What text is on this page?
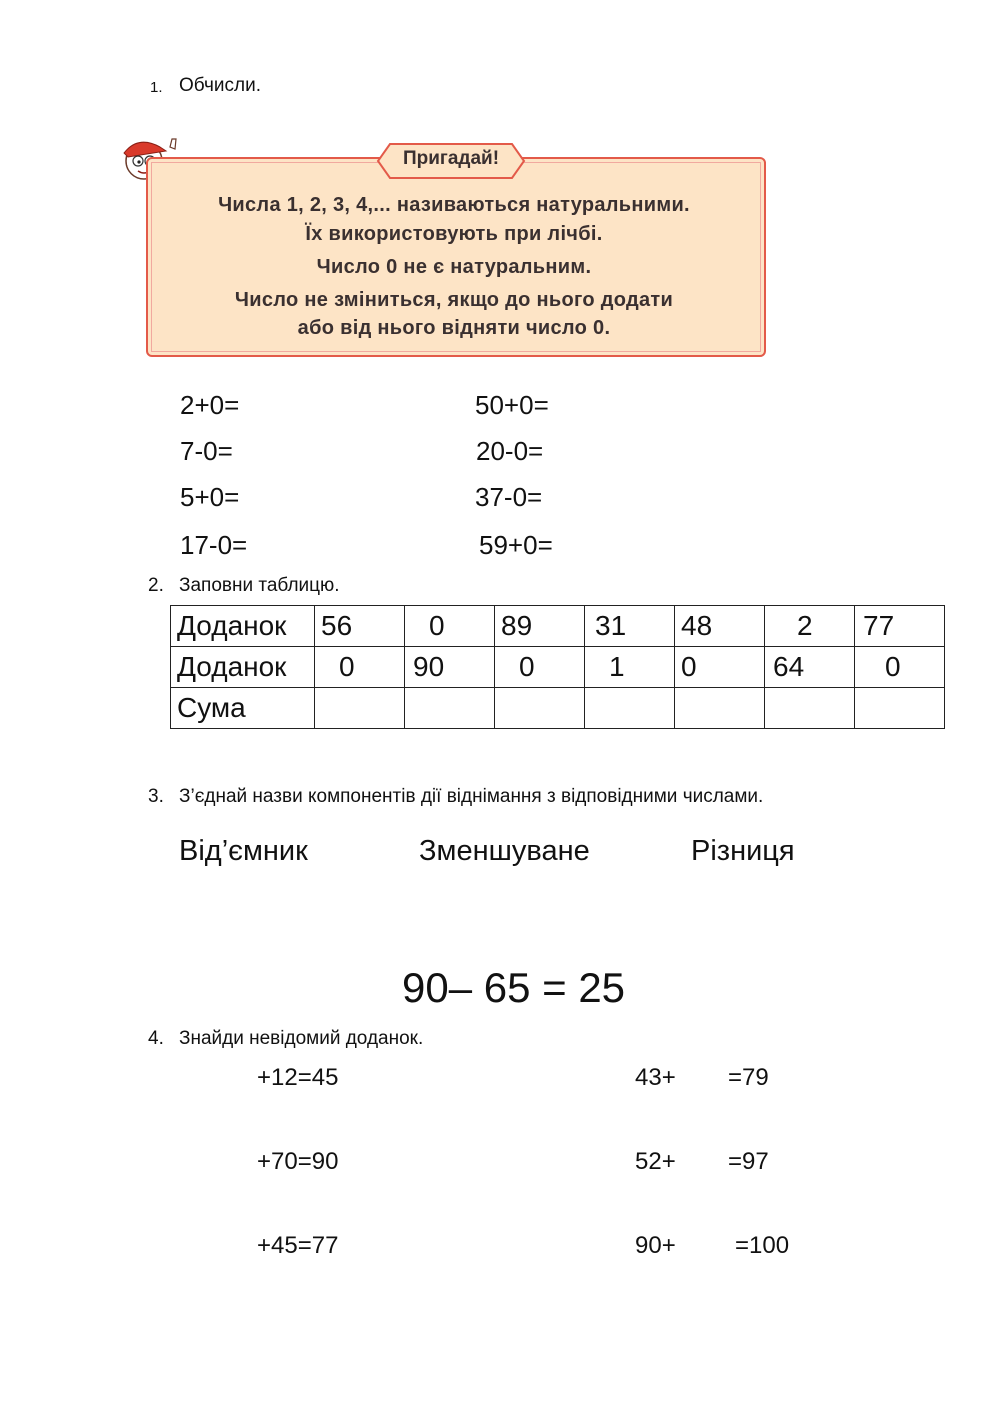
1. Обчисли.
Пригадай!
Числа 1, 2, 3, 4,... називаються натуральними.
Їх використовують при лічбі.
Число 0 не є натуральним.
Число не зміниться, якщо до нього додати
або від нього відняти число 0.
2+0=
7-0=
5+0=
17-0=
50+0=
20-0=
37-0=
59+0=
2. Заповни таблицю.
Доданок	56	0	89	31	48	2	77
Доданок	0	90	0	1	0	64	0
Сума							
3. З’єднай назви компонентів дії віднімання з відповідними числами.
Від’ємник	Зменшуване	Різниця
90– 65 = 25
4. Знайди невідомий доданок.
+12=45
+70=90
+45=77
43+ =79
52+ =97
90+ =100
